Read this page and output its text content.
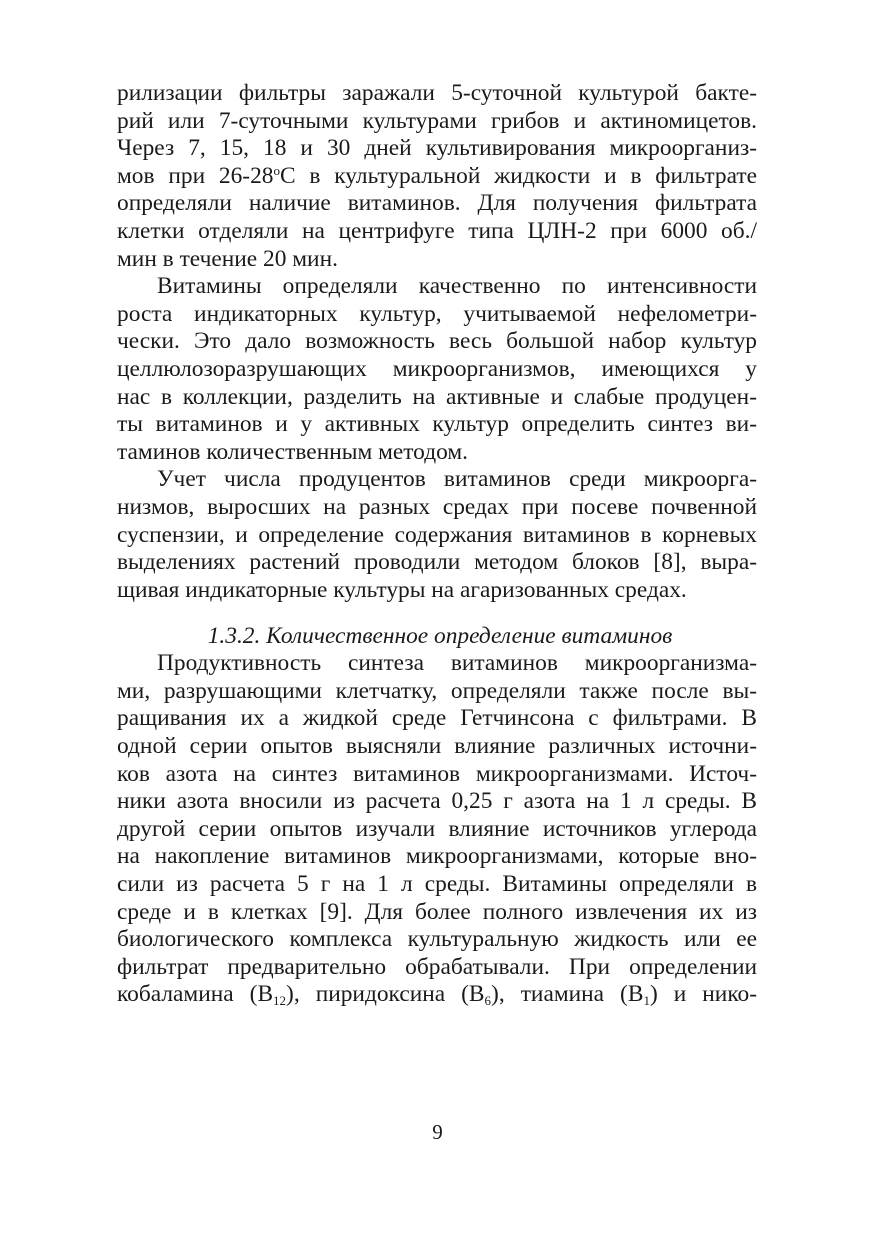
рилизации фильтры заражали 5-суточной культурой бакте-
рий или 7-суточными культурами грибов и актиномицетов.
Через 7, 15, 18 и 30 дней культивирования микроорганиз-
мов при $26-28^оС$ в культуральной жидкости и в фильтрате
определяли наличие витаминов. Для получения фильтрата
клетки отделяли на центрифуге типа ЦЛН-2 при 6000 об./
мин в течение 20 мин.
Витамины определяли качественно по интенсивности
роста индикаторных культур, учитываемой нефелометри-
чески. Это дало возможность весь большой набор культур
целлюлозоразрушающих микроорганизмов, имеющихся у
нас в коллекции, разделить на активные и слабые продуцен-
ты витаминов и у активных культур определить синтез ви-
таминов количественным методом.
Учет числа продуцентов витаминов среди микроорга-
низмов, выросших на разных средах при посеве почвенной
суспензии, и определение содержания витаминов в корневых
выделениях растений проводили методом блоков [8], выра-
щивая индикаторные культуры на агаризованных средах.
1.3.2. Количественное определение витаминов
Продуктивность синтеза витаминов микроорганизма-
ми, разрушающими клетчатку, определяли также после вы-
ращивания их а жидкой среде Гетчинсона с фильтрами. В
одной серии опытов выясняли влияние различных источни-
ков азота на синтез витаминов микроорганизмами. Источ-
ники азота вносили из расчета 0,25 г азота на 1 л среды. В
другой серии опытов изучали влияние источников углерода
на накопление витаминов микроорганизмами, которые вно-
сили из расчета 5 г на 1 л среды. Витамины определяли в
среде и в клетках [9]. Для более полного извлечения их из
биологического комплекса культуральную жидкость или ее
фильтрат предварительно обрабатывали. При определении
кобаламина $(В_{12})$, пиридоксина $(В_6)$, тиамина $(В_1)$ и нико-
9
